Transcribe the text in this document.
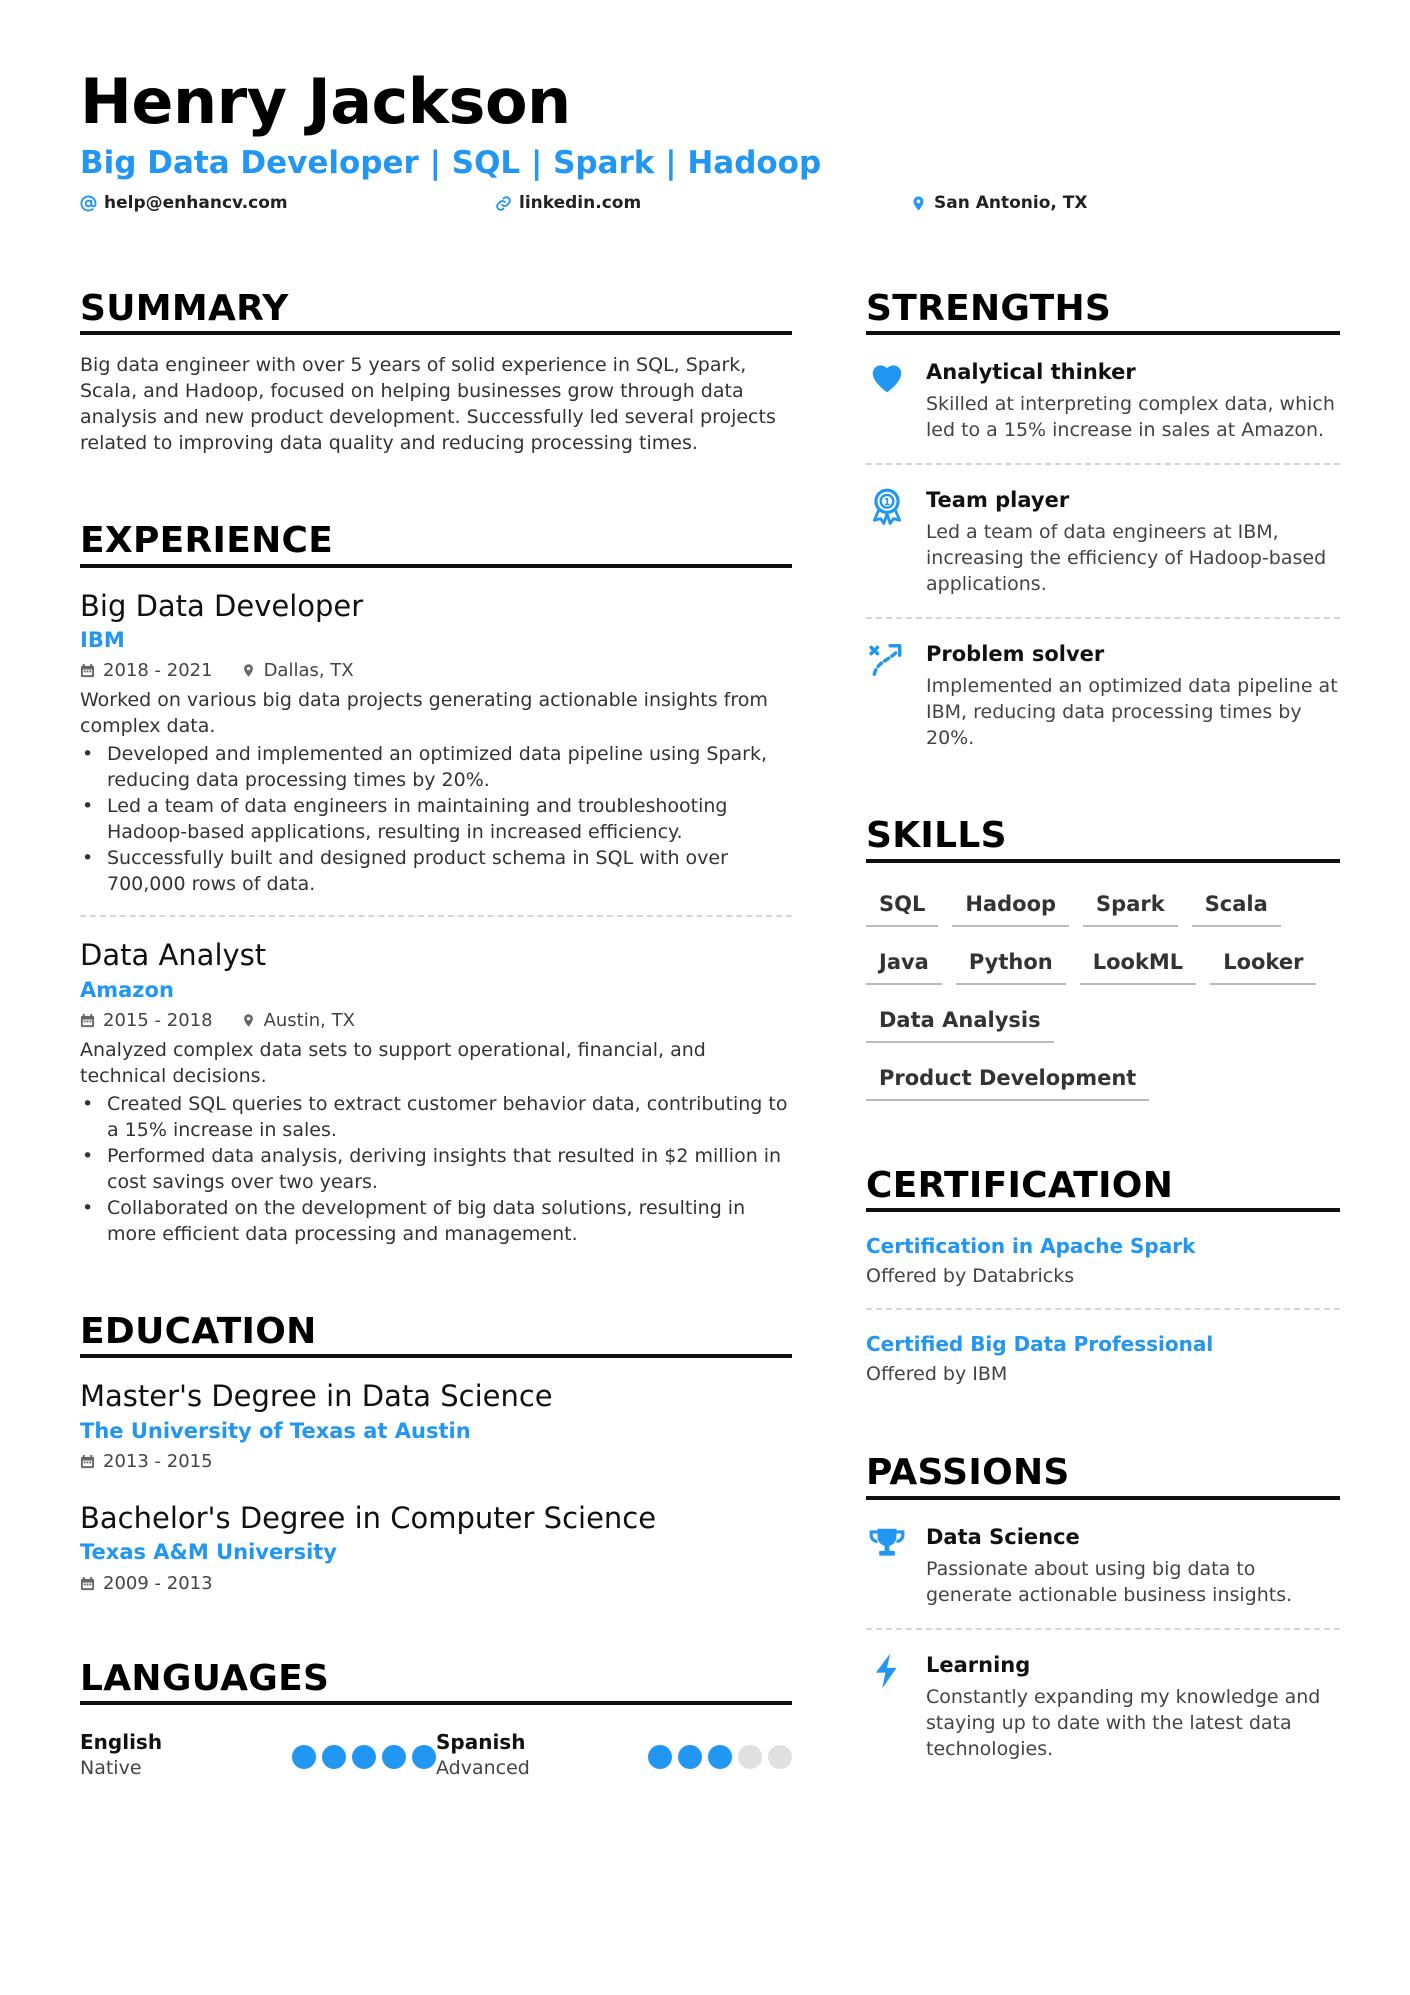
Henry Jackson
Big Data Developer | SQL | Spark | Hadoop
help@enhancv.com	linkedin.com	San Antonio, TX
SUMMARY

Big data engineer with over 5 years of solid experience in SQL, Spark, Scala, and Hadoop, focused on helping businesses grow through data analysis and new product development. Successfully led several projects related to improving data quality and reducing processing times.

EXPERIENCE
Big Data Developer
IBM
2018 - 2021	Dallas, TX

Worked on various big data projects generating actionable insights from complex data.

• Developed and implemented an optimized data pipeline using Spark, reducing data processing times by 20%.
• Led a team of data engineers in maintaining and troubleshooting Hadoop-based applications, resulting in increased efficiency.
• Successfully built and designed product schema in SQL with over 700,000 rows of data.
Data Analyst
Amazon
2015 - 2018	Austin, TX

Analyzed complex data sets to support operational, financial, and technical decisions.

• Created SQL queries to extract customer behavior data, contributing to a 15% increase in sales.
• Performed data analysis, deriving insights that resulted in $2 million in cost savings over two years.
• Collaborated on the development of big data solutions, resulting in more efficient data processing and management.
EDUCATION
Master's Degree in Data Science
The University of Texas at Austin
2013 - 2015
Bachelor's Degree in Computer Science
Texas A&M University
2009 - 2013
LANGUAGES
English
Native
Spanish
Advanced
STRENGTHS
Analytical thinker
Skilled at interpreting complex data, which led to a 15% increase in sales at Amazon.
1 Team player
Led a team of data engineers at IBM, increasing the efficiency of Hadoop-based applications.
Problem solver
Implemented an optimized data pipeline at IBM, reducing data processing times by 20%.
SKILLS
SQL	Hadoop	Spark	Scala
Java	Python	LookML	Looker
Data Analysis
Product Development
CERTIFICATION
Certification in Apache Spark
Offered by Databricks
Certified Big Data Professional
Offered by IBM
PASSIONS
Data Science
Passionate about using big data to generate actionable business insights.
Learning
Constantly expanding my knowledge and staying up to date with the latest data technologies.
